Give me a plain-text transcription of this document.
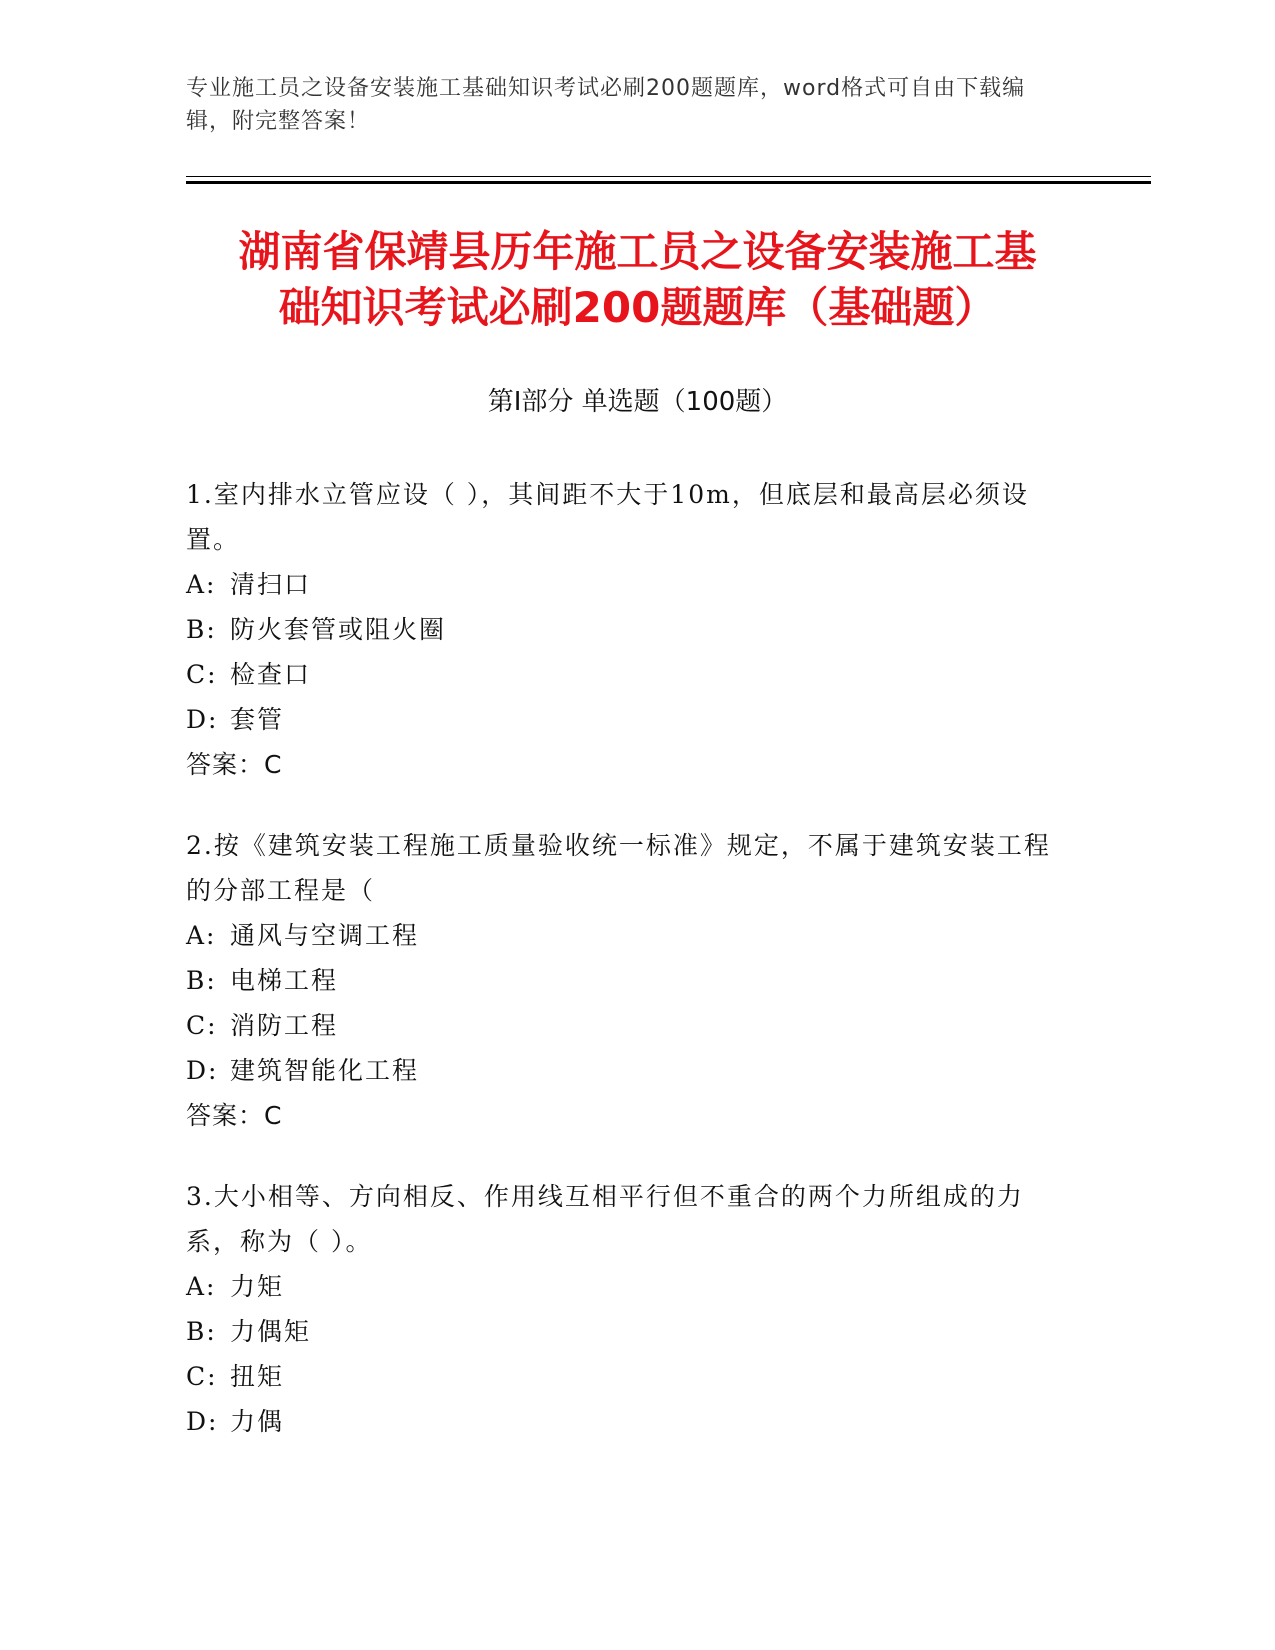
专业施工员之设备安装施工基础知识考试必刷200题题库，word格式可自由下载编辑，附完整答案！
湖南省保靖县历年施工员之设备安装施工基
础知识考试必刷200题题库（基础题）
第Ⅰ部分 单选题（100题）
1.室内排水立管应设（ ），其间距不大于10m，但底层和最高层必须设置。
A: 清扫口
B: 防火套管或阻火圈
C: 检查口
D: 套管
答案：C
2.按《建筑安装工程施工质量验收统一标准》规定，不属于建筑安装工程的分部工程是（
A: 通风与空调工程
B: 电梯工程
C: 消防工程
D: 建筑智能化工程
答案：C
3.大小相等、方向相反、作用线互相平行但不重合的两个力所组成的力系，称为（ ）。
A: 力矩
B: 力偶矩
C: 扭矩
D: 力偶
